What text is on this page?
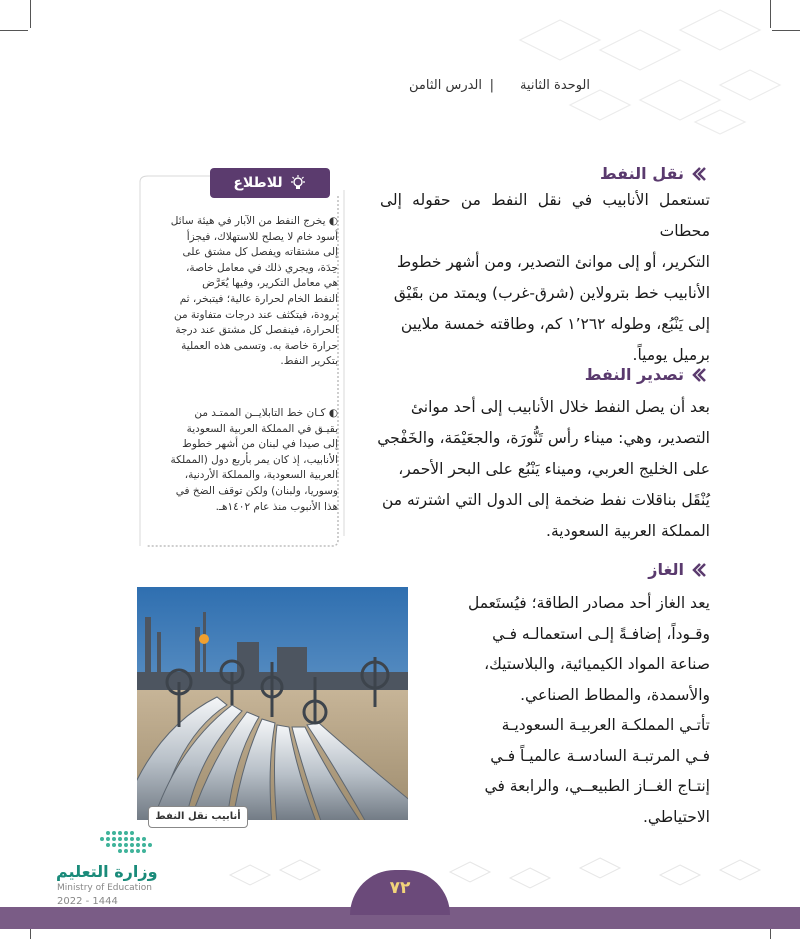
الوحدة الثانية
|
الدرس الثامن
نقل النفط
تستعمل الأنابيب في نقل النفط من حقوله إلى محطات
التكرير، أو إلى موانئ التصدير، ومن أشهر خطوط
الأنابيب خط بترولاين (شرق-غرب) ويمتد من بقَيْق
إلى يَنْبُع، وطوله ١٬٢٦٢ كم، وطاقته خمسة ملايين
برميل يومياً.
تصدير النفط
بعد أن يصل النفط خلال الأنابيب إلى أحد موانئ
التصدير، وهي: ميناء رأس تَنُّورَة، والجعَيْمَة، والخَفْجي
على الخليج العربي، وميناء يَنْبُع على البحر الأحمر،
يُنْقَل بناقلات نفط ضخمة إلى الدول التي اشترته من
المملكة العربية السعودية.
الغاز
يعد الغاز أحد مصادر الطاقة؛ فيُستَعمل
وقـوداً، إضافـةً إلـى استعمالـه فـي
صناعة المواد الكيميائية، والبلاستيك،
والأسمدة، والمطاط الصناعي.
تأتـي المملكـة العربيـة السعوديـة
فـي المرتبـة السادسـة عالميـاً فـي
إنتـاج الغــاز الطبيعــي، والرابعة في
الاحتياطي.
للاطلاع
◐ يخرج النفط من الآبار في هيئة سائل
أسود خام لا يصلح للاستهلاك، فيجزأ
إلى مشتقاته ويفصل كل مشتق على
حِدَة، ويجري ذلك في معامل خاصة،
هي معامل التكرير، وفيها يُعَرَّض
النفط الخام لحرارة عالية؛ فيتبخر، ثم
برودة، فيتكثف عند درجات متفاوتة من
الحرارة، فينفصل كل مشتق عند درجة
حرارة خاصة به. وتسمى هذه العملية
بتكرير النفط.
◐ كـان خط التابلايــن الممتـد من
بقيـق في المملكة العربية السعودية
إلى صيدا في لبنان من أشهر خطوط
الأنابيب، إذ كان يمر بأربع دول (المملكة
العربية السعودية، والمملكة الأردنية،
وسوريا، ولبنان) ولكن توقف الضخ في
هذا الأنبوب منذ عام ١٤٠٢هـ.
أنابيب نقل النفط
وزارة التعليم
Ministry of Education
2022 - 1444
٧٢
